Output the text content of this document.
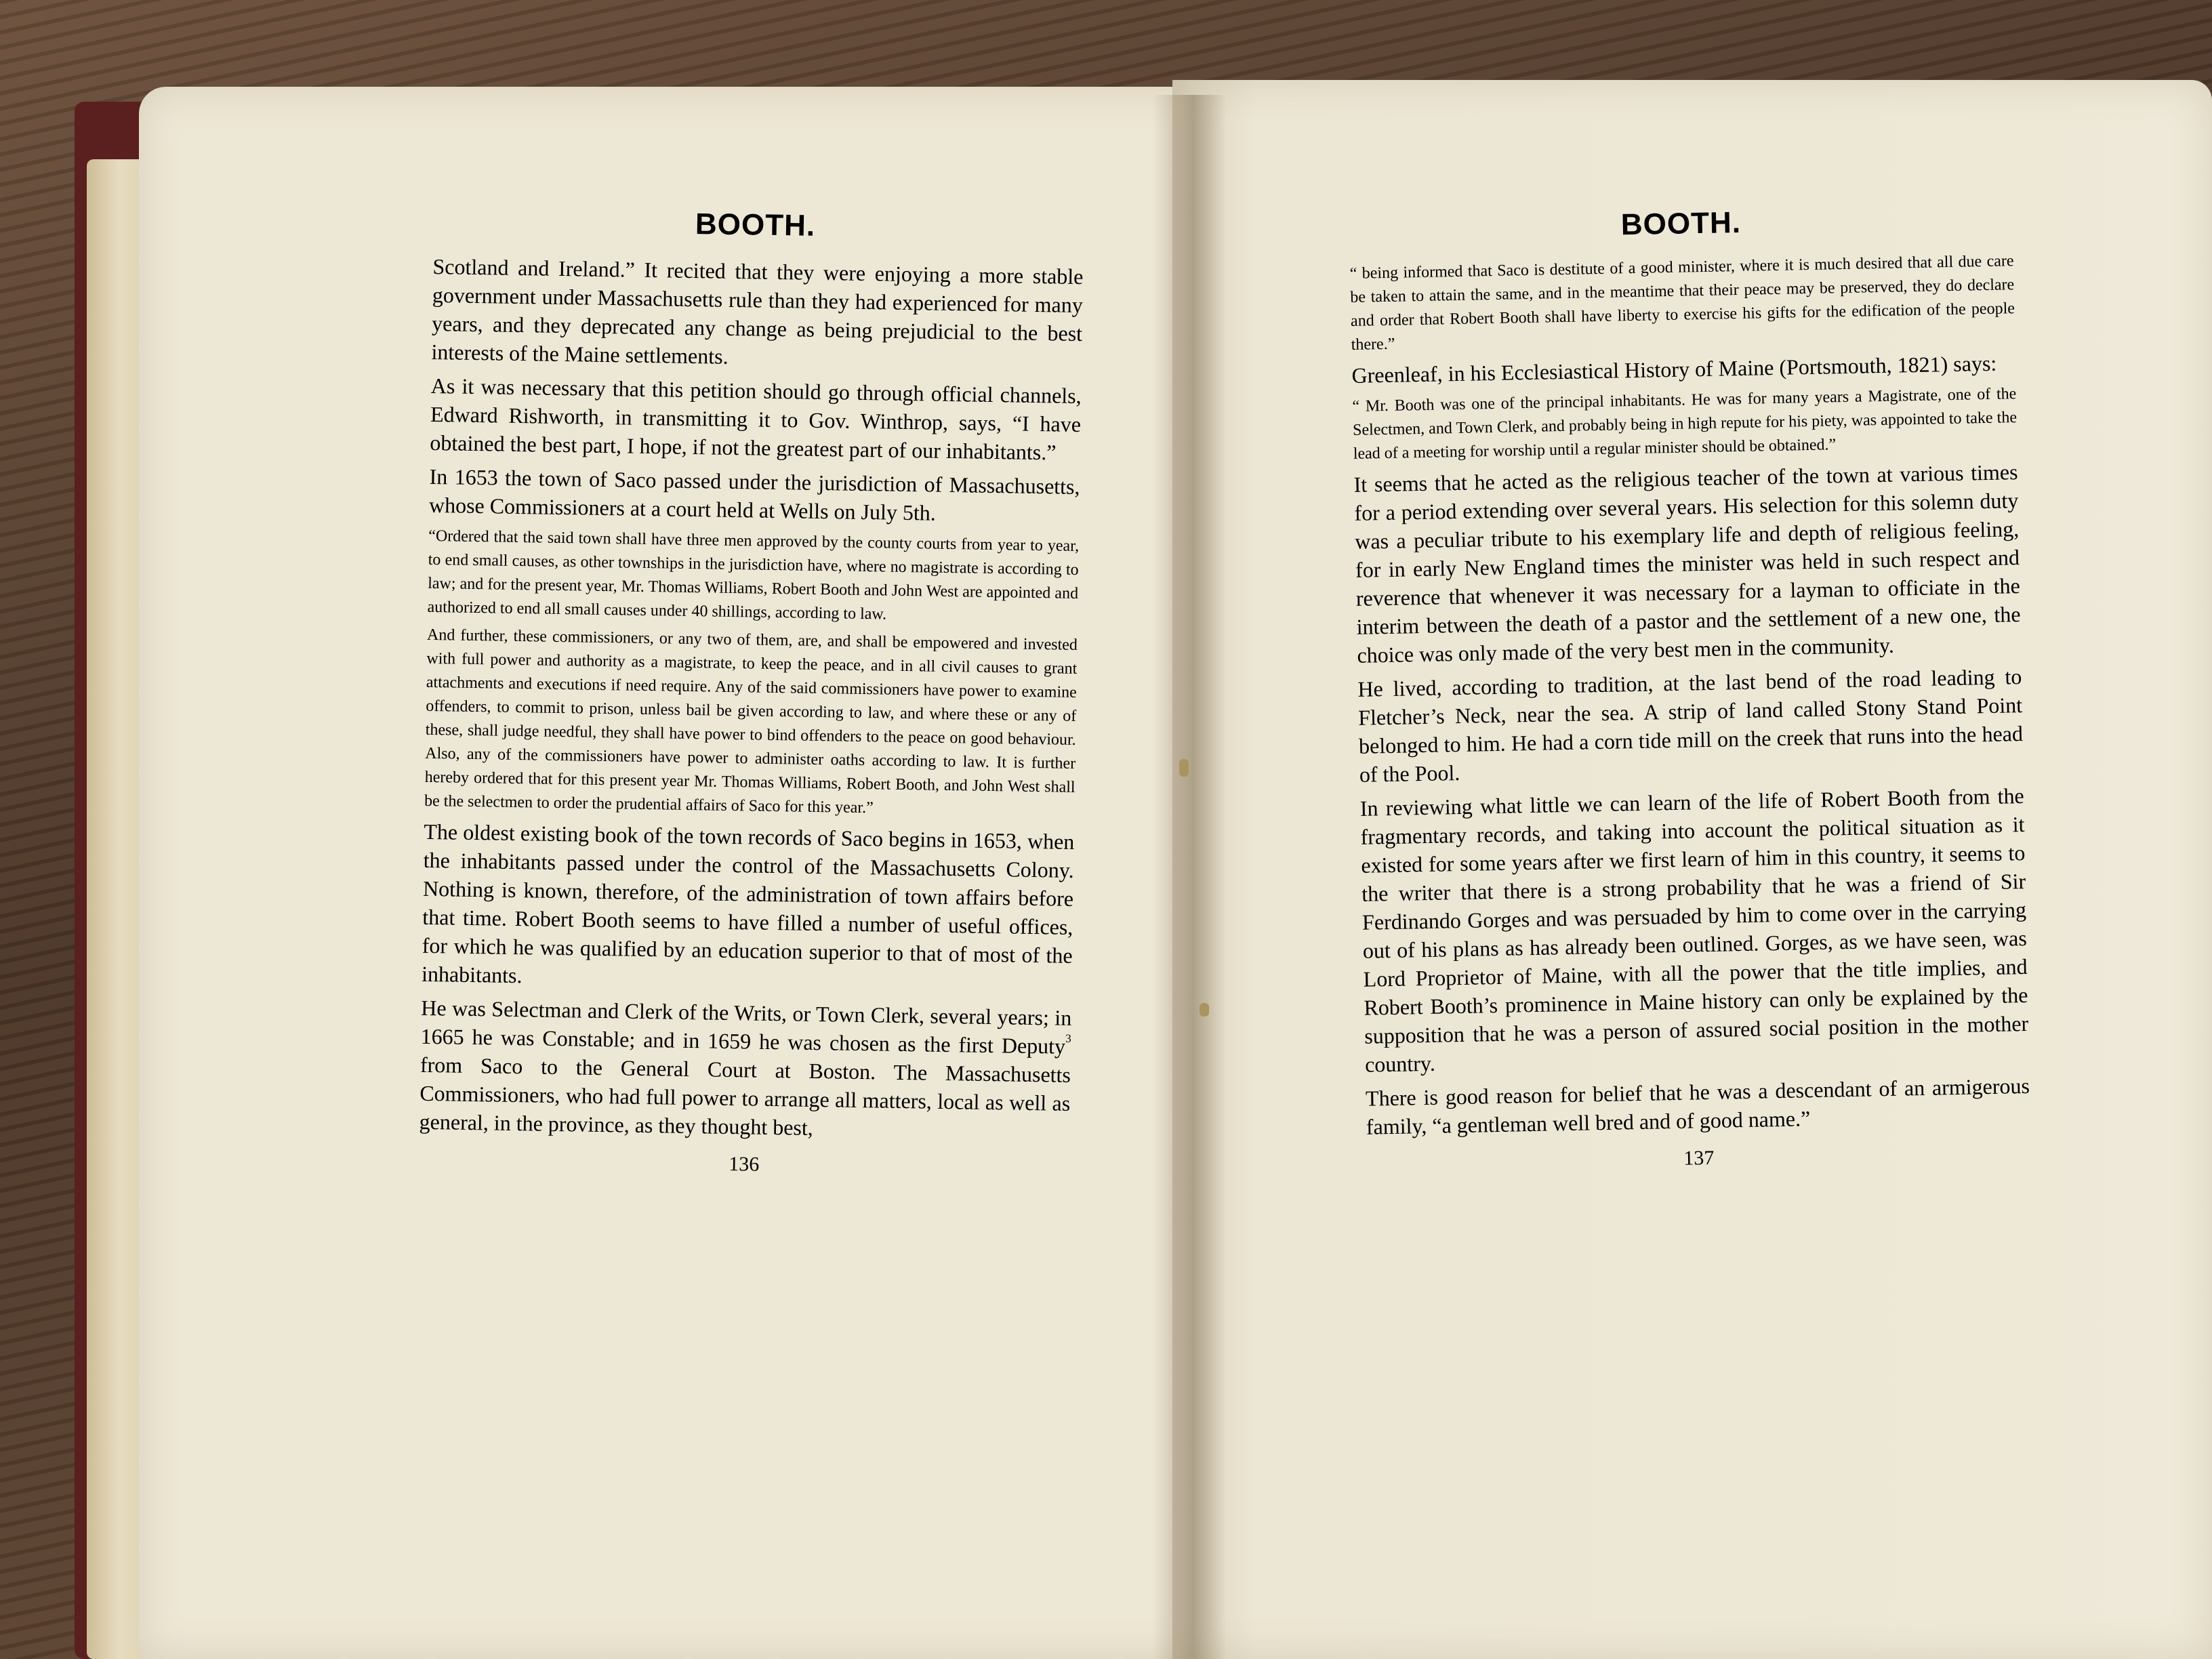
BOOTH.

Scotland and Ireland.” It recited that they were enjoying a more stable government under Massachusetts rule than they had experienced for many years, and they deprecated any change as being prejudicial to the best interests of the Maine settlements.

As it was necessary that this petition should go through official channels, Edward Rishworth, in transmitting it to Gov. Winthrop, says, “I have obtained the best part, I hope, if not the greatest part of our inhabitants.”

In 1653 the town of Saco passed under the jurisdiction of Massachusetts, whose Commissioners at a court held at Wells on July 5th.

“Ordered that the said town shall have three men approved by the county courts from year to year, to end small causes, as other townships in the jurisdiction have, where no magistrate is according to law; and for the present year, Mr. Thomas Williams, Robert Booth and John West are appointed and authorized to end all small causes under 40 shillings, according to law.

And further, these commissioners, or any two of them, are, and shall be empowered and invested with full power and authority as a magistrate, to keep the peace, and in all civil causes to grant attachments and executions if need require. Any of the said commissioners have power to examine offenders, to commit to prison, unless bail be given according to law, and where these or any of these, shall judge needful, they shall have power to bind offenders to the peace on good behaviour. Also, any of the commissioners have power to administer oaths according to law. It is further hereby ordered that for this present year Mr. Thomas Williams, Robert Booth, and John West shall be the selectmen to order the prudential affairs of Saco for this year.”

The oldest existing book of the town records of Saco begins in 1653, when the inhabitants passed under the control of the Massachusetts Colony. Nothing is known, therefore, of the administration of town affairs before that time. Robert Booth seems to have filled a number of useful offices, for which he was qualified by an education superior to that of most of the inhabitants.

He was Selectman and Clerk of the Writs, or Town Clerk, several years; in 1665 he was Constable; and in 1659 he was chosen as the first Deputy$^3$ from Saco to the General Court at Boston. The Massachusetts Commissioners, who had full power to arrange all matters, local as well as general, in the province, as they thought best,

136
BOOTH.

“ being informed that Saco is destitute of a good minister, where it is much desired that all due care be taken to attain the same, and in the meantime that their peace may be preserved, they do declare and order that Robert Booth shall have liberty to exercise his gifts for the edification of the people there.”

Greenleaf, in his Ecclesiastical History of Maine (Portsmouth, 1821) says:

“ Mr. Booth was one of the principal inhabitants. He was for many years a Magistrate, one of the Selectmen, and Town Clerk, and probably being in high repute for his piety, was appointed to take the lead of a meeting for worship until a regular minister should be obtained.”

It seems that he acted as the religious teacher of the town at various times for a period extending over several years. His selection for this solemn duty was a peculiar tribute to his exemplary life and depth of religious feeling, for in early New England times the minister was held in such respect and reverence that whenever it was necessary for a layman to officiate in the interim between the death of a pastor and the settlement of a new one, the choice was only made of the very best men in the community.

He lived, according to tradition, at the last bend of the road leading to Fletcher’s Neck, near the sea. A strip of land called Stony Stand Point belonged to him. He had a corn tide mill on the creek that runs into the head of the Pool.

In reviewing what little we can learn of the life of Robert Booth from the fragmentary records, and taking into account the political situation as it existed for some years after we first learn of him in this country, it seems to the writer that there is a strong probability that he was a friend of Sir Ferdinando Gorges and was persuaded by him to come over in the carrying out of his plans as has already been outlined. Gorges, as we have seen, was Lord Proprietor of Maine, with all the power that the title implies, and Robert Booth’s prominence in Maine history can only be explained by the supposition that he was a person of assured social position in the mother country.

There is good reason for belief that he was a descendant of an armigerous family, “a gentleman well bred and of good name.”

137
